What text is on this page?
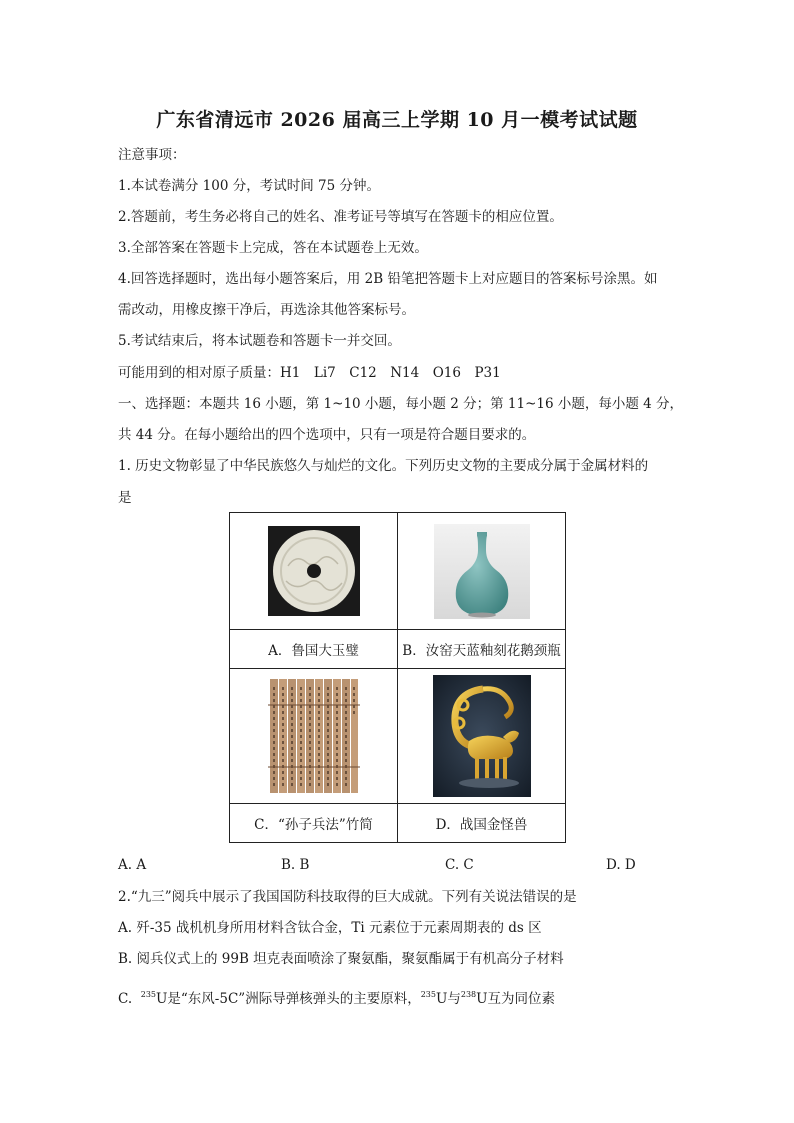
广东省清远市 2026 届高三上学期 10 月一模考试试题
注意事项：
1.本试卷满分 100 分，考试时间 75 分钟。
2.答题前，考生务必将自己的姓名、准考证号等填写在答题卡的相应位置。
3.全部答案在答题卡上完成，答在本试题卷上无效。
4.回答选择题时，选出每小题答案后，用 2B 铅笔把答题卡上对应题目的答案标号涂黑。如
需改动，用橡皮擦干净后，再选涂其他答案标号。
5.考试结束后，将本试题卷和答题卡一并交回。
可能用到的相对原子质量：H1　Li7　C12　N14　O16　P31
一、选择题：本题共 16 小题，第 1~10 小题，每小题 2 分；第 11~16 小题，每小题 4 分，
共 44 分。在每小题给出的四个选项中，只有一项是符合题目要求的。
1. 历史文物彰显了中华民族悠久与灿烂的文化。下列历史文物的主要成分属于金属材料的
是

A．鲁国大玉璧	B．汝窑天蓝釉刻花鹅颈瓶

C．“孙子兵法”竹简	D．战国金怪兽
A. A	B. B	C. C	D. D
2.“九三”阅兵中展示了我国国防科技取得的巨大成就。下列有关说法错误的是
A. 歼-35 战机机身所用材料含钛合金，Ti 元素位于元素周期表的 ds 区
B. 阅兵仪式上的 99B 坦克表面喷涂了聚氨酯，聚氨酯属于有机高分子材料
C.  $^{235}$U是“东风-5C”洲际导弹核弹头的主要原料，$^{235}$U与$^{238}$U互为同位素
